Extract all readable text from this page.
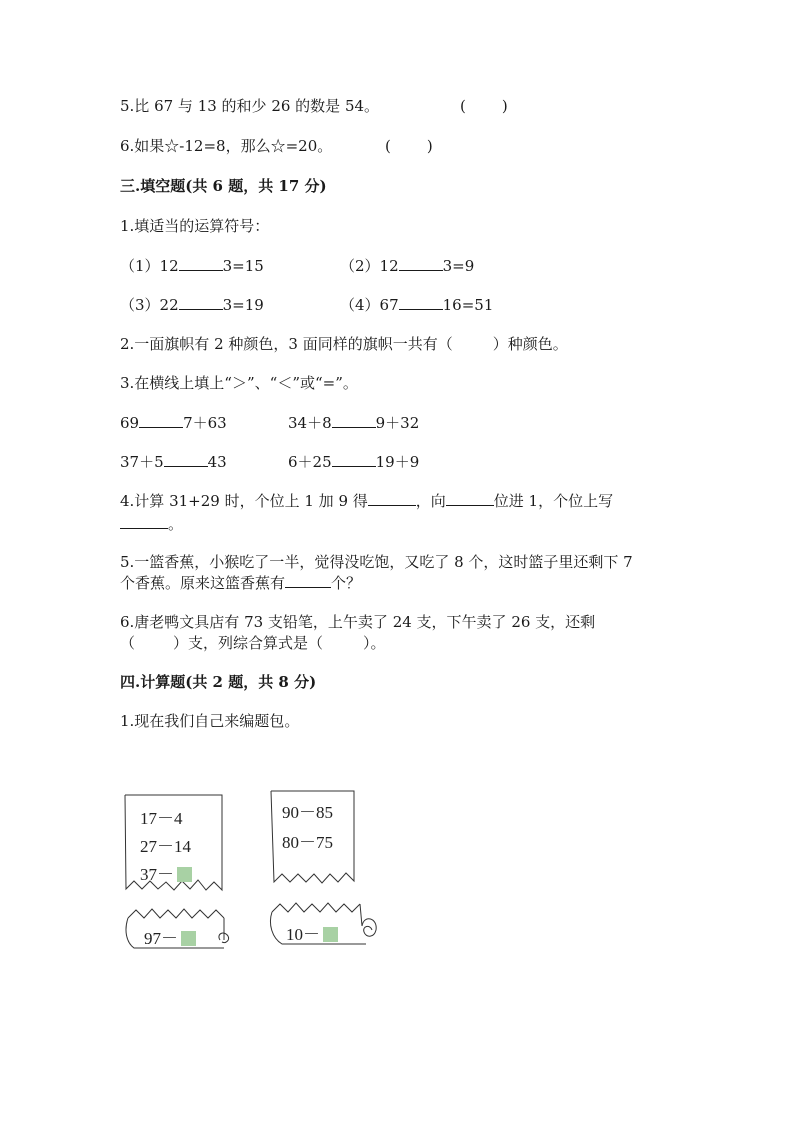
5.比 67 与 13 的和少 26 的数是 54。	( )
6.如果☆-12=8，那么☆=20。	( )
三.填空题(共 6 题，共 17 分)
1.填适当的运算符号：
（1）12	3=15	（2）12	3=9
（3）22	3=19	（4）67	16=51
2.一面旗帜有 2 种颜色，3 面同样的旗帜一共有（	）种颜色。
3.在横线上填上“＞”、“＜”或“=”。
69	7＋63	34＋8	9＋32
37＋5	43	6＋25	19＋9
4.计算 31+29 时，个位上 1 加 9 得	，向	位进 1，个位上写
。
5.一篮香蕉，小猴吃了一半，觉得没吃饱，又吃了 8 个，这时篮子里还剩下 7
个香蕉。原来这篮香蕉有	个？
6.唐老鸭文具店有 73 支铅笔，上午卖了 24 支，下午卖了 26 支，还剩
（	）支，列综合算式是（	）。
四.计算题(共 2 题，共 8 分)
1.现在我们自己来编题包。
17－4
27－14
37－
97－
90－85
80－75
10－
